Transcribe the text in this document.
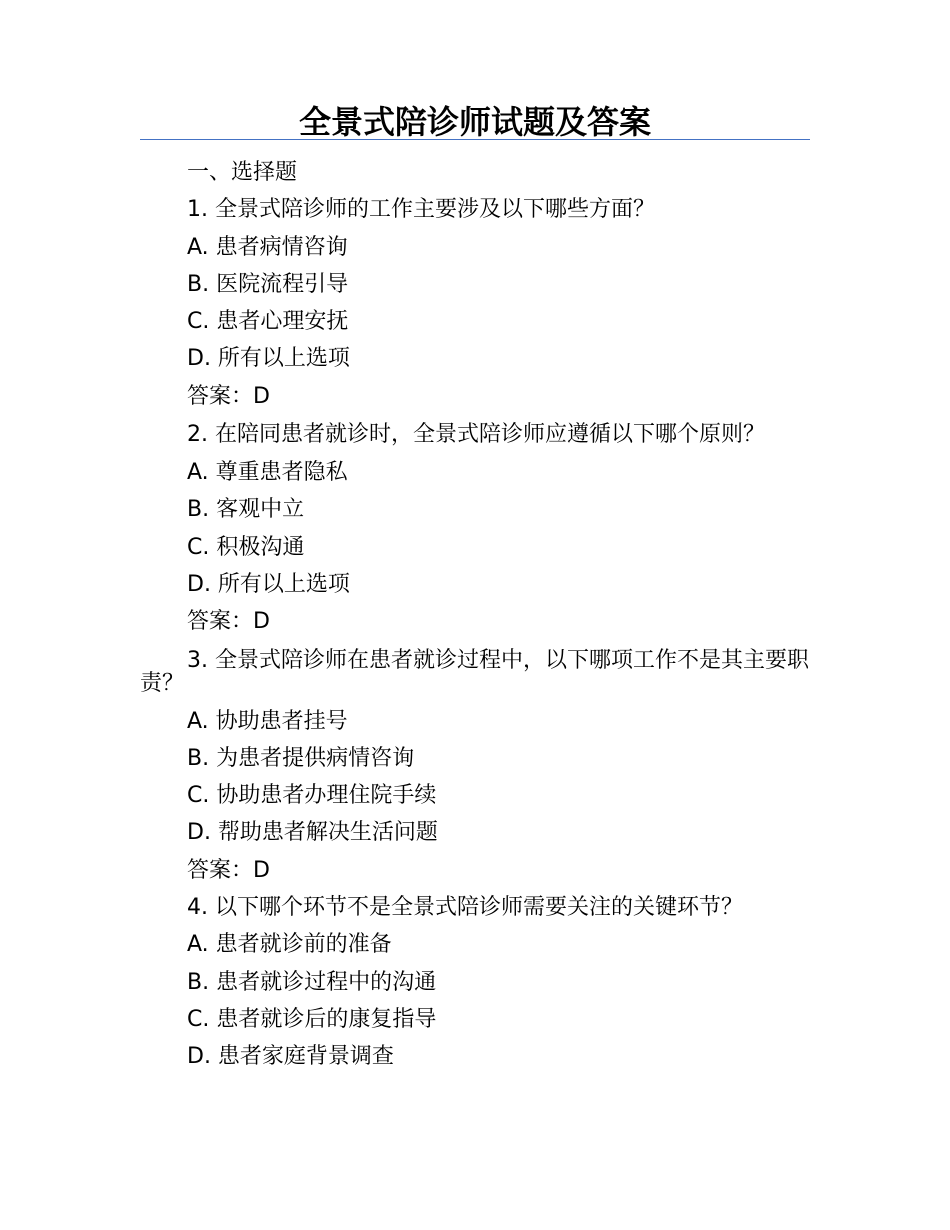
全景式陪诊师试题及答案
一、选择题
1. 全景式陪诊师的工作主要涉及以下哪些方面？
A. 患者病情咨询
B. 医院流程引导
C. 患者心理安抚
D. 所有以上选项
答案：D
2. 在陪同患者就诊时，全景式陪诊师应遵循以下哪个原则？
A. 尊重患者隐私
B. 客观中立
C. 积极沟通
D. 所有以上选项
答案：D
3. 全景式陪诊师在患者就诊过程中，以下哪项工作不是其主要职责？
A. 协助患者挂号
B. 为患者提供病情咨询
C. 协助患者办理住院手续
D. 帮助患者解决生活问题
答案：D
4. 以下哪个环节不是全景式陪诊师需要关注的关键环节？
A. 患者就诊前的准备
B. 患者就诊过程中的沟通
C. 患者就诊后的康复指导
D. 患者家庭背景调查
